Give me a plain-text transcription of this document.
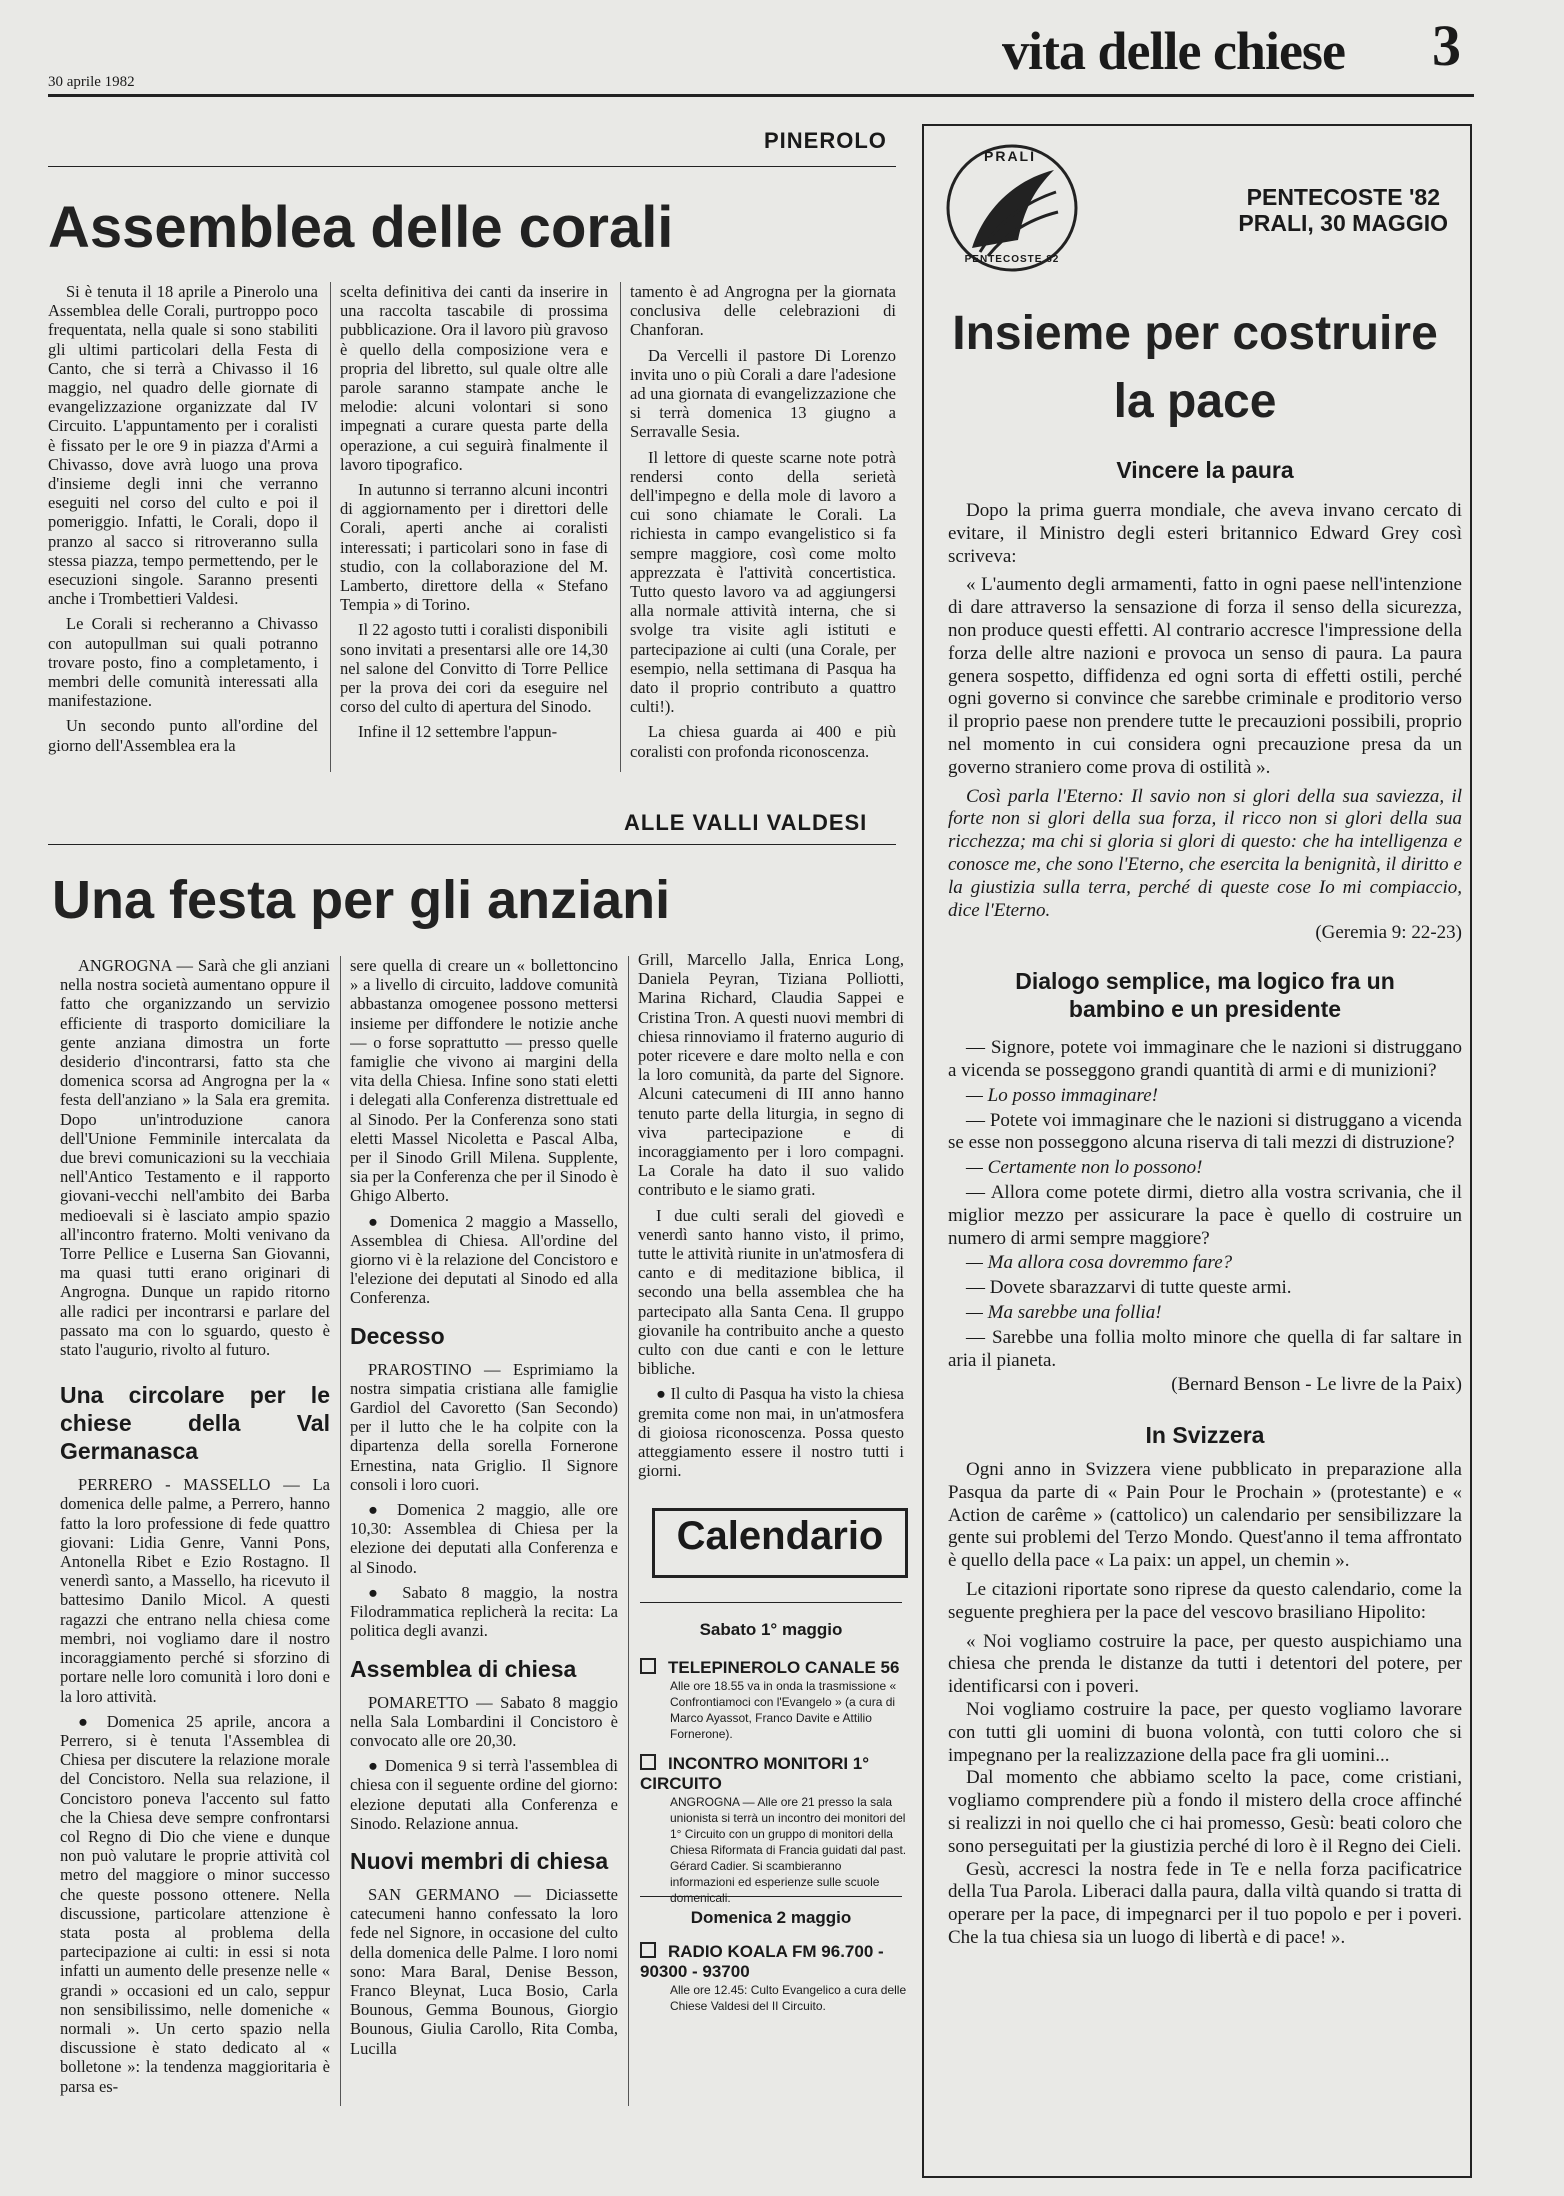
30 aprile 1982
vita delle chiese 3
PINEROLO
Assemblea delle corali

Si è tenuta il 18 aprile a Pinerolo una Assemblea delle Corali, purtroppo poco frequentata, nella quale si sono stabiliti gli ultimi particolari della Festa di Canto, che si terrà a Chivasso il 16 maggio, nel quadro delle giornate di evangelizzazione organizzate dal IV Circuito. L'appuntamento per i coralisti è fissato per le ore 9 in piazza d'Armi a Chivasso, dove avrà luogo una prova d'insieme degli inni che verranno eseguiti nel corso del culto e poi il pomeriggio. Infatti, le Corali, dopo il pranzo al sacco si ritroveranno sulla stessa piazza, tempo permettendo, per le esecuzioni singole. Saranno presenti anche i Trombettieri Valdesi.

Le Corali si recheranno a Chivasso con autopullman sui quali potranno trovare posto, fino a completamento, i membri delle comunità interessati alla manifestazione.

Un secondo punto all'ordine del giorno dell'Assemblea era la

scelta definitiva dei canti da inserire in una raccolta tascabile di prossima pubblicazione. Ora il lavoro più gravoso è quello della composizione vera e propria del libretto, sul quale oltre alle parole saranno stampate anche le melodie: alcuni volontari si sono impegnati a curare questa parte della operazione, a cui seguirà finalmente il lavoro tipografico.

In autunno si terranno alcuni incontri di aggiornamento per i direttori delle Corali, aperti anche ai coralisti interessati; i particolari sono in fase di studio, con la collaborazione del M. Lamberto, direttore della « Stefano Tempia » di Torino.

Il 22 agosto tutti i coralisti disponibili sono invitati a presentarsi alle ore 14,30 nel salone del Convitto di Torre Pellice per la prova dei cori da eseguire nel corso del culto di apertura del Sinodo.

Infine il 12 settembre l'appun-

tamento è ad Angrogna per la giornata conclusiva delle celebrazioni di Chanforan.

Da Vercelli il pastore Di Lorenzo invita uno o più Corali a dare l'adesione ad una giornata di evangelizzazione che si terrà domenica 13 giugno a Serravalle Sesia.

Il lettore di queste scarne note potrà rendersi conto della serietà dell'impegno e della mole di lavoro a cui sono chiamate le Corali. La richiesta in campo evangelistico si fa sempre maggiore, così come molto apprezzata è l'attività concertistica. Tutto questo lavoro va ad aggiungersi alla normale attività interna, che si svolge tra visite agli istituti e partecipazione ai culti (una Corale, per esempio, nella settimana di Pasqua ha dato il proprio contributo a quattro culti!).

La chiesa guarda ai 400 e più coralisti con profonda riconoscenza.

ALLE VALLI VALDESI
Una festa per gli anziani

ANGROGNA — Sarà che gli anziani nella nostra società aumentano oppure il fatto che organizzando un servizio efficiente di trasporto domiciliare la gente anziana dimostra un forte desiderio d'incontrarsi, fatto sta che domenica scorsa ad Angrogna per la « festa dell'anziano » la Sala era gremita. Dopo un'introduzione canora dell'Unione Femminile intercalata da due brevi comunicazioni su la vecchiaia nell'Antico Testamento e il rapporto giovani-vecchi nell'ambito dei Barba medioevali si è lasciato ampio spazio all'incontro fraterno. Molti venivano da Torre Pellice e Luserna San Giovanni, ma quasi tutti erano originari di Angrogna. Dunque un rapido ritorno alle radici per incontrarsi e parlare del passato ma con lo sguardo, questo è stato l'augurio, rivolto al futuro.

Una circolare per le chiese della Val Germanasca

PERRERO - MASSELLO — La domenica delle palme, a Perrero, hanno fatto la loro professione di fede quattro giovani: Lidia Genre, Vanni Pons, Antonella Ribet e Ezio Rostagno. Il venerdì santo, a Massello, ha ricevuto il battesimo Danilo Micol. A questi ragazzi che entrano nella chiesa come membri, noi vogliamo dare il nostro incoraggiamento perché si sforzino di portare nelle loro comunità i loro doni e la loro attività.

● Domenica 25 aprile, ancora a Perrero, si è tenuta l'Assemblea di Chiesa per discutere la relazione morale del Concistoro. Nella sua relazione, il Concistoro poneva l'accento sul fatto che la Chiesa deve sempre confrontarsi col Regno di Dio che viene e dunque non può valutare le proprie attività col metro del maggiore o minor successo che queste possono ottenere. Nella discussione, particolare attenzione è stata posta al problema della partecipazione ai culti: in essi si nota infatti un aumento delle presenze nelle « grandi » occasioni ed un calo, seppur non sensibilissimo, nelle domeniche « normali ». Un certo spazio nella discussione è stato dedicato al « bolletone »: la tendenza maggioritaria è parsa es-

sere quella di creare un « bollettoncino » a livello di circuito, laddove comunità abbastanza omogenee possono mettersi insieme per diffondere le notizie anche — o forse soprattutto — presso quelle famiglie che vivono ai margini della vita della Chiesa. Infine sono stati eletti i delegati alla Conferenza distrettuale ed al Sinodo. Per la Conferenza sono stati eletti Massel Nicoletta e Pascal Alba, per il Sinodo Grill Milena. Supplente, sia per la Conferenza che per il Sinodo è Ghigo Alberto.

● Domenica 2 maggio a Massello, Assemblea di Chiesa. All'ordine del giorno vi è la relazione del Concistoro e l'elezione dei deputati al Sinodo ed alla Conferenza.

Decesso

PRAROSTINO — Esprimiamo la nostra simpatia cristiana alle famiglie Gardiol del Cavoretto (San Secondo) per il lutto che le ha colpite con la dipartenza della sorella Fornerone Ernestina, nata Griglio. Il Signore consoli i loro cuori.

● Domenica 2 maggio, alle ore 10,30: Assemblea di Chiesa per la elezione dei deputati alla Conferenza e al Sinodo.

● Sabato 8 maggio, la nostra Filodrammatica replicherà la recita: La politica degli avanzi.

Assemblea di chiesa

POMARETTO — Sabato 8 maggio nella Sala Lombardini il Concistoro è convocato alle ore 20,30.

● Domenica 9 si terrà l'assemblea di chiesa con il seguente ordine del giorno: elezione deputati alla Conferenza e Sinodo. Relazione annua.

Nuovi membri di chiesa

SAN GERMANO — Diciassette catecumeni hanno confessato la loro fede nel Signore, in occasione del culto della domenica delle Palme. I loro nomi sono: Mara Baral, Denise Besson, Franco Bleynat, Luca Bosio, Carla Bounous, Gemma Bounous, Giorgio Bounous, Giulia Carollo, Rita Comba, Lucilla

Grill, Marcello Jalla, Enrica Long, Daniela Peyran, Tiziana Polliotti, Marina Richard, Claudia Sappei e Cristina Tron. A questi nuovi membri di chiesa rinnoviamo il fraterno augurio di poter ricevere e dare molto nella e con la loro comunità, da parte del Signore. Alcuni catecumeni di III anno hanno tenuto parte della liturgia, in segno di viva partecipazione e di incoraggiamento per i loro compagni. La Corale ha dato il suo valido contributo e le siamo grati.

I due culti serali del giovedì e venerdì santo hanno visto, il primo, tutte le attività riunite in un'atmosfera di canto e di meditazione biblica, il secondo una bella assemblea che ha partecipato alla Santa Cena. Il gruppo giovanile ha contribuito anche a questo culto con due canti e con le letture bibliche.

● Il culto di Pasqua ha visto la chiesa gremita come non mai, in un'atmosfera di gioiosa riconoscenza. Possa questo atteggiamento essere il nostro tutti i giorni.

Calendario
Sabato 1° maggio
TELEPINEROLO CANALE 56
Alle ore 18.55 va in onda la trasmissione « Confrontiamoci con l'Evangelo » (a cura di Marco Ayassot, Franco Davite e Attilio Fornerone).
INCONTRO MONITORI 1° CIRCUITO
ANGROGNA — Alle ore 21 presso la sala unionista si terrà un incontro dei monitori del 1° Circuito con un gruppo di monitori della Chiesa Riformata di Francia guidati dal past. Gérard Cadier. Si scambieranno informazioni ed esperienze sulle scuole domenicali.
Domenica 2 maggio
RADIO KOALA FM 96.700 - 90300 - 93700
Alle ore 12.45: Culto Evangelico a cura delle Chiese Valdesi del II Circuito.
PRALI
PENTECOSTE 82
PENTECOSTE '82
PRALI, 30 MAGGIO
Insieme per costruire la pace
Vincere la paura

Dopo la prima guerra mondiale, che aveva invano cercato di evitare, il Ministro degli esteri britannico Edward Grey così scriveva:

« L'aumento degli armamenti, fatto in ogni paese nell'intenzione di dare attraverso la sensazione di forza il senso della sicurezza, non produce questi effetti. Al contrario accresce l'impressione della forza delle altre nazioni e provoca un senso di paura. La paura genera sospetto, diffidenza ed ogni sorta di effetti ostili, perché ogni governo si convince che sarebbe criminale e proditorio verso il proprio paese non prendere tutte le precauzioni possibili, proprio nel momento in cui considera ogni precauzione presa da un governo straniero come prova di ostilità ».

Così parla l'Eterno: Il savio non si glori della sua saviezza, il forte non si glori della sua forza, il ricco non si glori della sua ricchezza; ma chi si gloria si glori di questo: che ha intelligenza e conosce me, che sono l'Eterno, che esercita la benignità, il diritto e la giustizia sulla terra, perché di queste cose Io mi compiaccio, dice l'Eterno.

(Geremia 9: 22-23)
Dialogo semplice, ma logico fra un bambino e un presidente

— Signore, potete voi immaginare che le nazioni si distruggano a vicenda se posseggono grandi quantità di armi e di munizioni?

— Lo posso immaginare!

— Potete voi immaginare che le nazioni si distruggano a vicenda se esse non posseggono alcuna riserva di tali mezzi di distruzione?

— Certamente non lo possono!

— Allora come potete dirmi, dietro alla vostra scrivania, che il miglior mezzo per assicurare la pace è quello di costruire un numero di armi sempre maggiore?

— Ma allora cosa dovremmo fare?

— Dovete sbarazzarvi di tutte queste armi.

— Ma sarebbe una follia!

— Sarebbe una follia molto minore che quella di far saltare in aria il pianeta.

(Bernard Benson - Le livre de la Paix)
In Svizzera

Ogni anno in Svizzera viene pubblicato in preparazione alla Pasqua da parte di « Pain Pour le Prochain » (protestante) e « Action de carême » (cattolico) un calendario per sensibilizzare la gente sui problemi del Terzo Mondo. Quest'anno il tema affrontato è quello della pace « La paix: un appel, un chemin ».

Le citazioni riportate sono riprese da questo calendario, come la seguente preghiera per la pace del vescovo brasiliano Hipolito:

« Noi vogliamo costruire la pace, per questo auspichiamo una chiesa che prenda le distanze da tutti i detentori del potere, per identificarsi con i poveri.

Noi vogliamo costruire la pace, per questo vogliamo lavorare con tutti gli uomini di buona volontà, con tutti coloro che si impegnano per la realizzazione della pace fra gli uomini...

Dal momento che abbiamo scelto la pace, come cristiani, vogliamo comprendere più a fondo il mistero della croce affinché si realizzi in noi quello che ci hai promesso, Gesù: beati coloro che sono perseguitati per la giustizia perché di loro è il Regno dei Cieli.

Gesù, accresci la nostra fede in Te e nella forza pacificatrice della Tua Parola. Liberaci dalla paura, dalla viltà quando si tratta di operare per la pace, di impegnarci per il tuo popolo e per i poveri. Che la tua chiesa sia un luogo di libertà e di pace! ».
